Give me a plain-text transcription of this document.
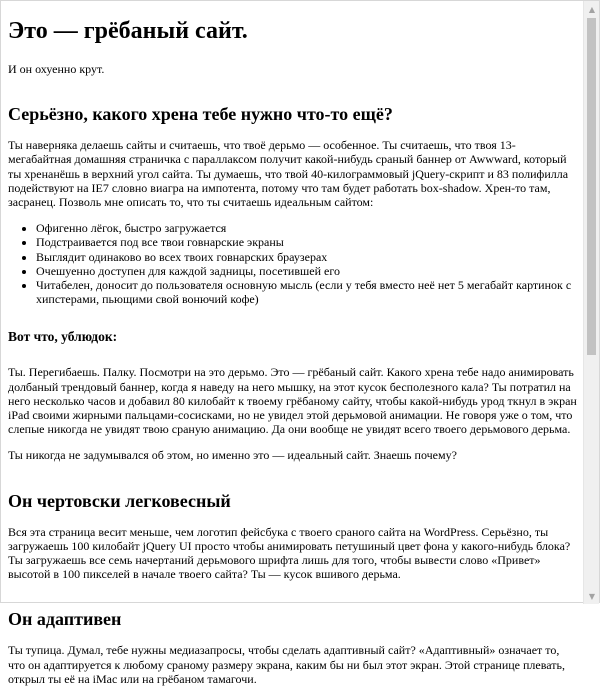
Это — грёбаный сайт.

И он охуенно крут.

Серьёзно, какого хрена тебе нужно что-то ещё?

Ты наверняка делаешь сайты и считаешь, что твоё дерьмо — особенное. Ты считаешь, что твоя 13-мегабайтная домашняя страничка с параллаксом получит какой-нибудь сраный баннер от Awwward, который ты хренанёшь в верхний угол сайта. Ты думаешь, что твой 40-килограммовый jQuery-скрипт и 83 полифилла подействуют на IE7 словно виагра на импотента, потому что там будет работать box-shadow. Хрен-то там, засранец. Позволь мне описать то, что ты считаешь идеальным сайтом:

• Офигенно лёгок, быстро загружается
• Подстраивается под все твои говнарские экраны
• Выглядит одинаково во всех твоих говнарских браузерах
• Очешуенно доступен для каждой задницы, посетившей его
• Читабелен, доносит до пользователя основную мысль (если у тебя вместо неё нет 5 мегабайт картинок с хипстерами, пьющими свой вонючий кофе)
Вот что, ублюдок:

Ты. Перегибаешь. Палку. Посмотри на это дерьмо. Это — грёбаный сайт. Какого хрена тебе надо анимировать долбаный трендовый баннер, когда я наведу на него мышку, на этот кусок бесполезного кала? Ты потратил на него несколько часов и добавил 80 килобайт к твоему грёбаному сайту, чтобы какой-нибудь урод ткнул в экран iPad своими жирными пальцами-сосисками, но не увидел этой дерьмовой анимации. Не говоря уже о том, что слепые никогда не увидят твою сраную анимацию. Да они вообще не увидят всего твоего дерьмового дерьма.

Ты никогда не задумывался об этом, но именно это — идеальный сайт. Знаешь почему?

Он чертовски легковесный

Вся эта страница весит меньше, чем логотип фейсбука с твоего сраного сайта на WordPress. Серьёзно, ты загружаешь 100 килобайт jQuery UI просто чтобы анимировать петушиный цвет фона у какого-нибудь блока? Ты загружаешь все семь начертаний дерьмового шрифта лишь для того, чтобы вывести слово «Привет» высотой в 100 пикселей в начале твоего сайта? Ты — кусок вшивого дерьма.

Он адаптивен

Ты тупица. Думал, тебе нужны медиазапросы, чтобы сделать адаптивный сайт? «Адаптивный» означает то, что он адаптируется к любому сраному размеру экрана, каким бы ни был этот экран. Этой странице плевать, открыл ты её на iMac или на грёбаном тамагочи.

▲
▼
